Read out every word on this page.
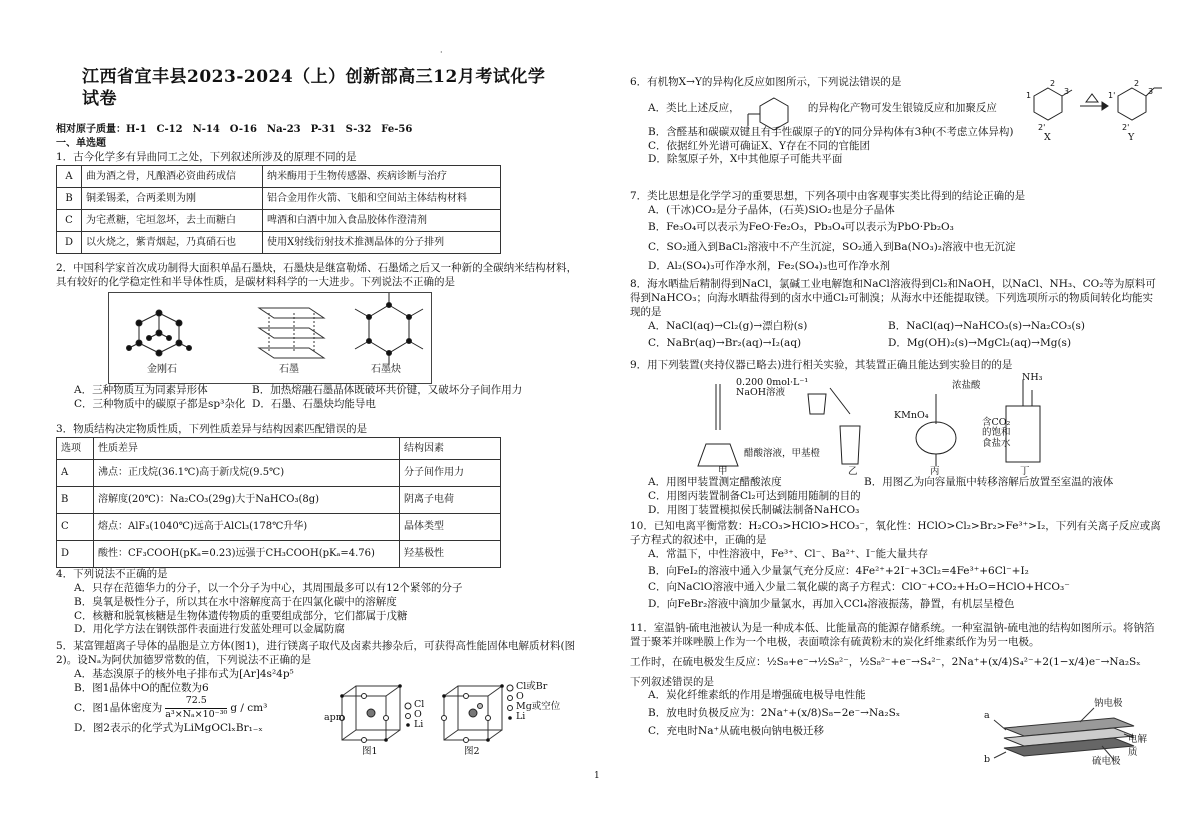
·
江西省宜丰县2023-2024（上）创新部高三12月考试化学试卷
相对原子质量：H-1　C-12　N-14　O-16　Na-23　P-31　S-32　Fe-56
一、单选题
1．古今化学多有异曲同工之处，下列叙述所涉及的原理不同的是
A	曲为酒之骨，凡酿酒必资曲药成信	纳米酶用于生物传感器、疾病诊断与治疗
B	铜柔锡柔，合两柔则为刚	铝合金用作火箭、飞船和空间站主体结构材料
C	为宅煮糖，宅垣忽坏，去土而糖白	啤酒和白酒中加入食品胶体作澄清剂
D	以火烧之，紫青烟起，乃真硝石也	使用X射线衍射技术推测晶体的分子排列
2．中国科学家首次成功制得大面积单晶石墨炔，石墨炔是继富勒烯、石墨烯之后又一种新的全碳纳米结构材料，具有较好的化学稳定性和半导体性质，是碳材料科学的一大进步。下列说法不正确的是
金刚石	石墨	石墨炔
A．三种物质互为同素异形体	B．加热熔融石墨晶体既破坏共价键，又破坏分子间作用力
C．三种物质中的碳原子都是sp³杂化 D．石墨、石墨炔均能导电
3．物质结构决定物质性质，下列性质差异与结构因素匹配错误的是
选项	性质差异	结构因素
A	沸点：正戊烷(36.1℃)高于新戊烷(9.5℃)	分子间作用力
B	溶解度(20℃)：Na₂CO₃(29g)大于NaHCO₃(8g)	阴离子电荷
C	熔点：AlF₃(1040℃)远高于AlCl₃(178℃升华)	晶体类型
D	酸性：CF₃COOH(pKₐ=0.23)远强于CH₃COOH(pKₐ=4.76)	羟基极性
4．下列说法不正确的是
A．只存在范德华力的分子，以一个分子为中心，其周围最多可以有12个紧邻的分子
B．臭氧是极性分子，所以其在水中溶解度高于在四氯化碳中的溶解度
C．核糖和脱氧核糖是生物体遗传物质的重要组成部分，它们都属于戊糖
D．用化学方法在钢铁部件表面进行发蓝处理可以金属防腐
5．某富锂超离子导体的晶胞是立方体(图1)，进行镁离子取代及卤素共掺杂后，可获得高性能固体电解质材料(图2)。设Nₐ为阿伏加德罗常数的值，下列说法不正确的是
A．基态溴原子的核外电子排布式为[Ar]4s²4p⁵
B．图1晶体中O的配位数为6
C．图1晶体密度为 $\frac{72.5}{\text{a³×Nₐ×10⁻³⁰}}$ g / cm³
D．图2表示的化学式为LiMgOClₓBr₁₋ₓ
apm
Cl
O
Li
Cl或Br
O
Mg或空位
Li
图1	图2
6．有机物X→Y的异构化反应如图所示，下列说法错误的是
A．类比上述反应，　　　　　　　的异构化产物可发生银镜反应和加聚反应
B．含醛基和碳碳双键且有手性碳原子的Y的同分异构体有3种(不考虑立体异构)
C．依据红外光谱可确证X、Y存在不同的官能团
D．除氢原子外，X中其他原子可能共平面
1
2
3	1'
2
3
2'	2'
X	Y
7．类比思想是化学学习的重要思想，下列各项中由客观事实类比得到的结论正确的是
A．(干冰)CO₂是分子晶体，(石英)SiO₂也是分子晶体
B．Fe₃O₄可以表示为FeO·Fe₂O₃，Pb₃O₄可以表示为PbO·Pb₂O₃
C．SO₂通入到BaCl₂溶液中不产生沉淀，SO₂通入到Ba(NO₃)₂溶液中也无沉淀
D．Al₂(SO₄)₃可作净水剂，Fe₂(SO₄)₃也可作净水剂
8．海水晒盐后精制得到NaCl，氯碱工业电解饱和NaCl溶液得到Cl₂和NaOH，以NaCl、NH₃、CO₂等为原料可得到NaHCO₃；向海水晒盐得到的卤水中通Cl₂可制溴；从海水中还能提取镁。下列选项所示的物质间转化均能实现的是
A．NaCl(aq)→Cl₂(g)→漂白粉(s)	B．NaCl(aq)→NaHCO₃(s)→Na₂CO₃(s)
C．NaBr(aq)→Br₂(aq)→I₂(aq)	D．Mg(OH)₂(s)→MgCl₂(aq)→Mg(s)
9．用下列装置(夹持仪器已略去)进行相关实验，其装置正确且能达到实验目的的是
0.200 0mol·L⁻¹
NaOH溶液
醋酸溶液，甲基橙
浓盐酸
KMnO₄
NH₃
含CO₂
的饱和
食盐水
甲	乙	丙	丁
A．用图甲装置测定醋酸浓度	B．用图乙为向容量瓶中转移溶解后放置至室温的液体
C．用图丙装置制备Cl₂可达到随用随制的目的
D．用图丁装置模拟侯氏制碱法制备NaHCO₃
10．已知电离平衡常数：H₂CO₃>HClO>HCO₃⁻，氧化性：HClO>Cl₂>Br₂>Fe³⁺>I₂，下列有关离子反应或离子方程式的叙述中，正确的是
A．常温下，中性溶液中，Fe³⁺、Cl⁻、Ba²⁺、I⁻能大量共存
B．向FeI₂的溶液中通入少量氯气充分反应：4Fe²⁺+2I⁻+3Cl₂=4Fe³⁺+6Cl⁻+I₂
C．向NaClO溶液中通入少量二氧化碳的离子方程式：ClO⁻+CO₂+H₂O=HClO+HCO₃⁻
D．向FeBr₂溶液中滴加少量氯水，再加入CCl₄溶液振荡，静置，有机层呈橙色
11．室温钠-硫电池被认为是一种成本低、比能量高的能源存储系统。一种室温钠-硫电池的结构如图所示。将钠箔置于聚苯并咪唑膜上作为一个电极，表面喷涂有硫黄粉末的炭化纤维素纸作为另一电极。
工作时，在硫电极发生反应：½S₈+e⁻→½S₈²⁻，½S₈²⁻+e⁻→S₄²⁻，2Na⁺+(x/4)S₄²⁻+2(1−x/4)e⁻→Na₂Sₓ
下列叙述错误的是
A．炭化纤维素纸的作用是增强硫电极导电性能
B．放电时负极反应为：2Na⁺+(x/8)S₈−2e⁻→Na₂Sₓ
C．充电时Na⁺从硫电极向钠电极迁移
钠电极
电解质
硫电极
a
b
1
